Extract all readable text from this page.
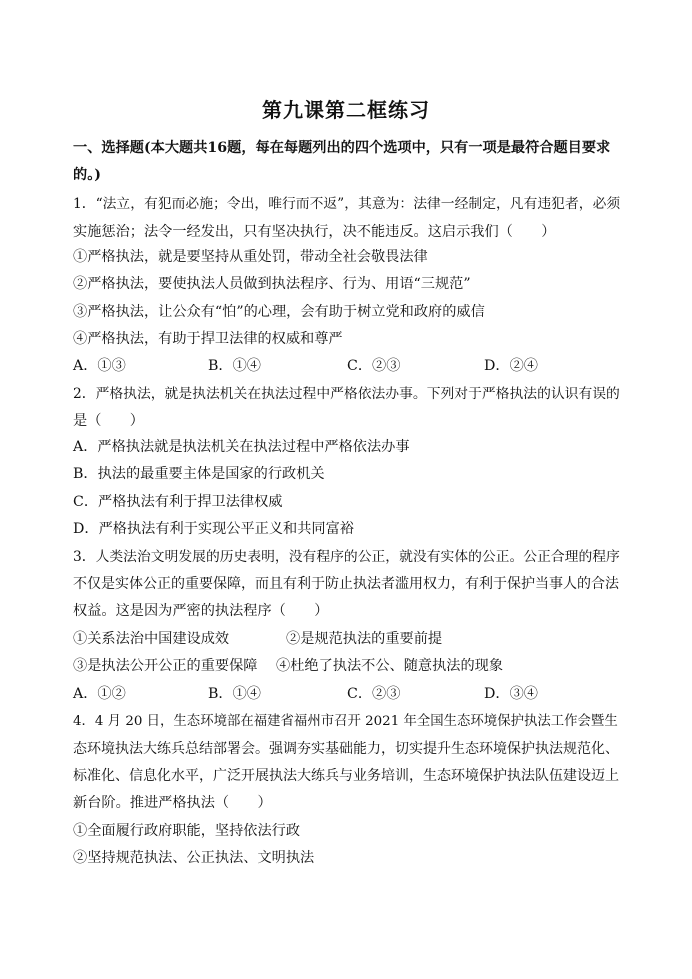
第九课第二框练习
一、选择题(本大题共16题，每在每题列出的四个选项中，只有一项是最符合题目要求
的。)
1．“法立，有犯而必施；令出，唯行而不返”，其意为：法律一经制定，凡有违犯者，必须
实施惩治；法令一经发出，只有坚决执行，决不能违反。这启示我们（　　）
①严格执法，就是要坚持从重处罚，带动全社会敬畏法律
②严格执法，要使执法人员做到执法程序、行为、用语“三规范”
③严格执法，让公众有“怕”的心理，会有助于树立党和政府的威信
④严格执法，有助于捍卫法律的权威和尊严
A．①③	B．①④	C．②③	D．②④
2．严格执法，就是执法机关在执法过程中严格依法办事。下列对于严格执法的认识有误的
是（　　）
A．严格执法就是执法机关在执法过程中严格依法办事
B．执法的最重要主体是国家的行政机关
C．严格执法有利于捍卫法律权威
D．严格执法有利于实现公平正义和共同富裕
3．人类法治文明发展的历史表明，没有程序的公正，就没有实体的公正。公正合理的程序
不仅是实体公正的重要保障，而且有利于防止执法者滥用权力，有利于保护当事人的合法
权益。这是因为严密的执法程序（　　）
①关系法治中国建设成效	②是规范执法的重要前提
③是执法公开公正的重要保障 ④杜绝了执法不公、随意执法的现象
A．①②	B．①④	C．②③	D．③④
4．4 月 20 日，生态环境部在福建省福州市召开 2021 年全国生态环境保护执法工作会暨生
态环境执法大练兵总结部署会。强调夯实基础能力，切实提升生态环境保护执法规范化、
标准化、信息化水平，广泛开展执法大练兵与业务培训，生态环境保护执法队伍建设迈上
新台阶。推进严格执法（　　）
①全面履行政府职能，坚持依法行政
②坚持规范执法、公正执法、文明执法
